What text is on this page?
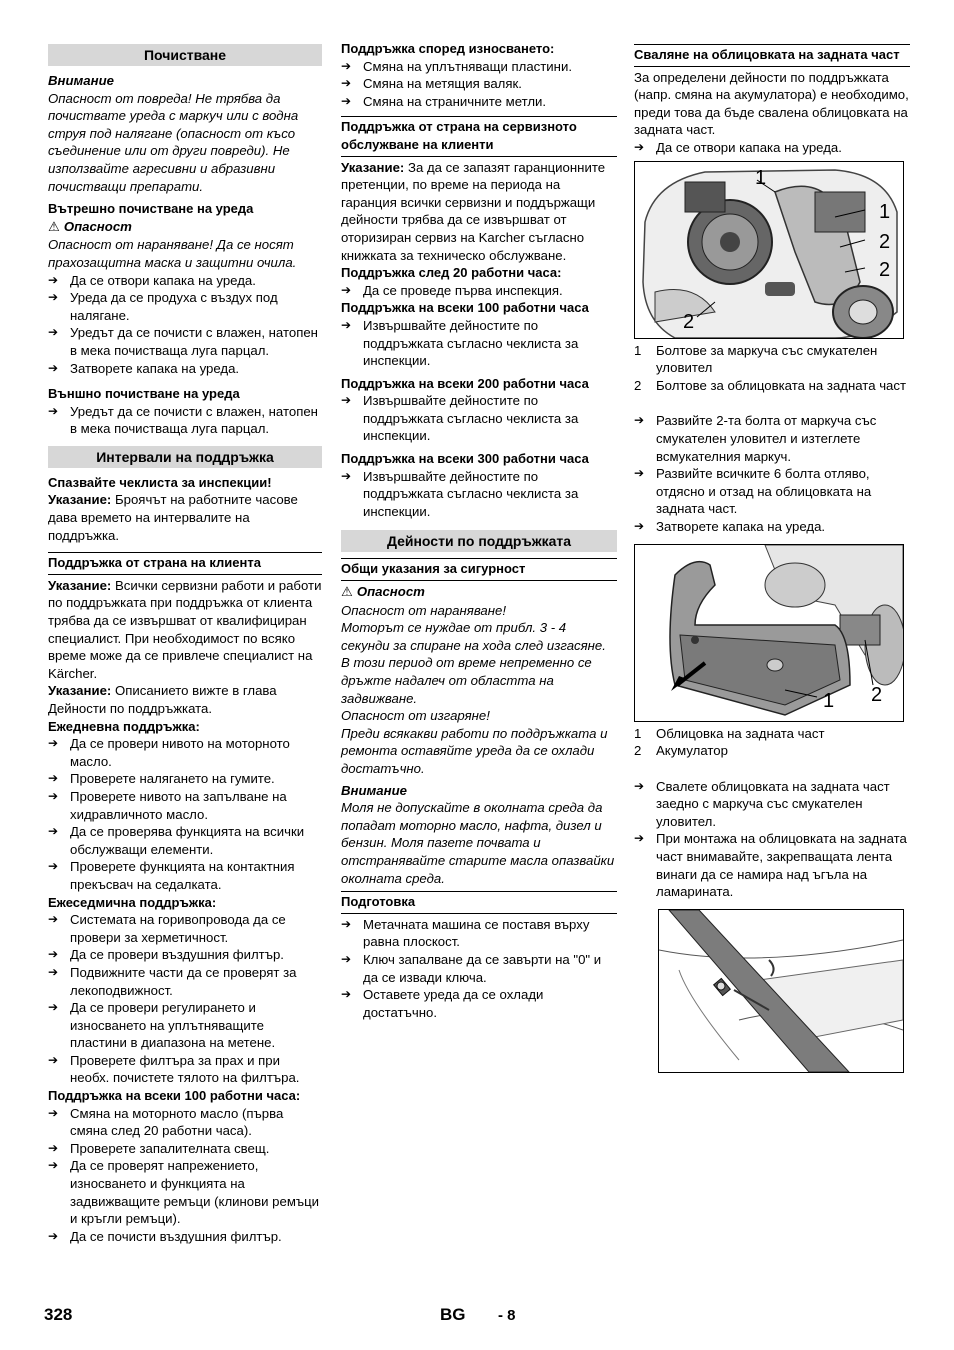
Почистване

Внимание

Опасност от повреда! Не трябва да почиствате уреда с маркуч или с водна струя под налягане (опасност от късо съединение или от други повреди). Не използвайте агресивни и абразивни почистващи препарати.

Вътрешно почистване на уреда

⚠ Опасност

Опасност от нараняване! Да се носят прахозащитна маска и защитни очила.

➔ Да се отвори капака на уреда.

➔ Уреда да се продуха с въздух под налягане.

➔ Уредът да се почисти с влажен, натопен в мека почистваща луга парцал.

➔ Затворете капака на уреда.

Външно почистване на уреда

➔ Уредът да се почисти с влажен, натопен в мека почистваща луга парцал.

Интервали на поддръжка
Спазвайте чеклиста за инспекции!

Указание: Броячът на работните часове дава времето на интервалите на поддръжка.

Поддръжка от страна на клиента

Указание: Всички сервизни работи и работи по поддръжката при поддръжка от клиента трябва да се извършват от квалифициран специалист. При необходимост по всяко време може да се привлече специалист на Kärcher.

Указание: Описанието вижте в глава Дейности по поддръжката.

Ежедневна поддръжка:

➔ Да се провери нивото на моторното масло.

➔ Проверете налягането на гумите.

➔ Проверете нивото на запълване на хидравличното масло.

➔ Да се проверява функцията на всички обслужващи елементи.

➔ Проверете функцията на контактния прекъсвач на седалката.

Ежеседмична поддръжка:

➔ Системата на горивопровода да се провери за херметичност.

➔ Да се провери въздушния филтър.

➔ Подвижните части да се проверят за лекоподвижност.

➔ Да се провери регулирането и износването на уплътняващите пластини в диапазона на метене.

➔ Проверете филтъра за прах и при необх. почистете тялото на филтъра.

Поддръжка на всеки 100 работни часа:

➔ Смяна на моторното масло (първа смяна след 20 работни часа).

➔ Проверете запалителната свещ.

➔ Да се проверят напрежението, износването и функцията на задвижващите ремъци (клинови ремъци и кръгли ремъци).

➔ Да се почисти въздушния филтър.

Поддръжка според износването:

➔ Смяна на уплътняващи пластини.

➔ Смяна на метящия валяк.

➔ Смяна на страничните метли.

Поддръжка от страна на сервизното обслужване на клиенти

Указание: За да се запазят гаранционните претенции, по време на периода на гаранция всички сервизни и поддържащи дейности трябва да се извършват от оторизиран сервиз на Karcher съгласно книжката за техническо обслужване.

Поддръжка след 20 работни часа:

➔ Да се проведе първа инспекция.

Поддръжка на всеки 100 работни часа

➔ Извършвайте дейностите по поддръжката съгласно чеклиста за инспекции.

Поддръжка на всеки 200 работни часа

➔ Извършвайте дейностите по поддръжката съгласно чеклиста за инспекции.

Поддръжка на всеки 300 работни часа

➔ Извършвайте дейностите по поддръжката съгласно чеклиста за инспекции.

Дейности по поддръжката
Общи указания за сигурност

⚠ Опасност

Опасност от нараняване!

Моторът се нуждае от прибл. 3 - 4 секунди за спиране на хода след изгасяне. В този период от време непременно се дръжте надалеч от областта на задвижване.

Опасност от изгаряне!

Преди всякакви работи по поддръжката и ремонта оставяйте уреда да се охлади достатъчно.

Внимание

Моля не допускайте в околната среда да попадат моторно масло, нафта, дизел и бензин. Моля пазете почвата и отстранявайте старите масла опазвайки околната среда.

Подготовка

➔ Метачната машина се поставя върху равна плоскост.

➔ Ключ запалване да се завърти на "0" и да се извади ключа.

➔ Оставете уреда да се охлади достатъчно.

Сваляне на облицовката на задната част

За определени дейности по поддръжката (напр. смяна на акумулатора) е необходимо, преди това да бъде свалена облицовката на задната част.

➔ Да се отвори капака на уреда.

1
1
2
2
2

1 Болтове за маркуча със смукателен уловител

2 Болтове за облицовката на задната част

➔ Развийте 2-та болта от маркуча със смукателен уловител и изтеглете всмукателния маркуч.

➔ Развийте всичките 6 болта отляво, отдясно и отзад на облицовката на задната част.

➔ Затворете капака на уреда.

1 2

1 Облицовка на задната част

2 Акумулатор

➔ Свалете облицовката на задната част заедно с маркуча със смукателен уловител.

➔ При монтажа на облицовката на задната част внимавайте, закрепващата лента винаги да се намира над ъгъла на ламарината.

328	BG - 8
